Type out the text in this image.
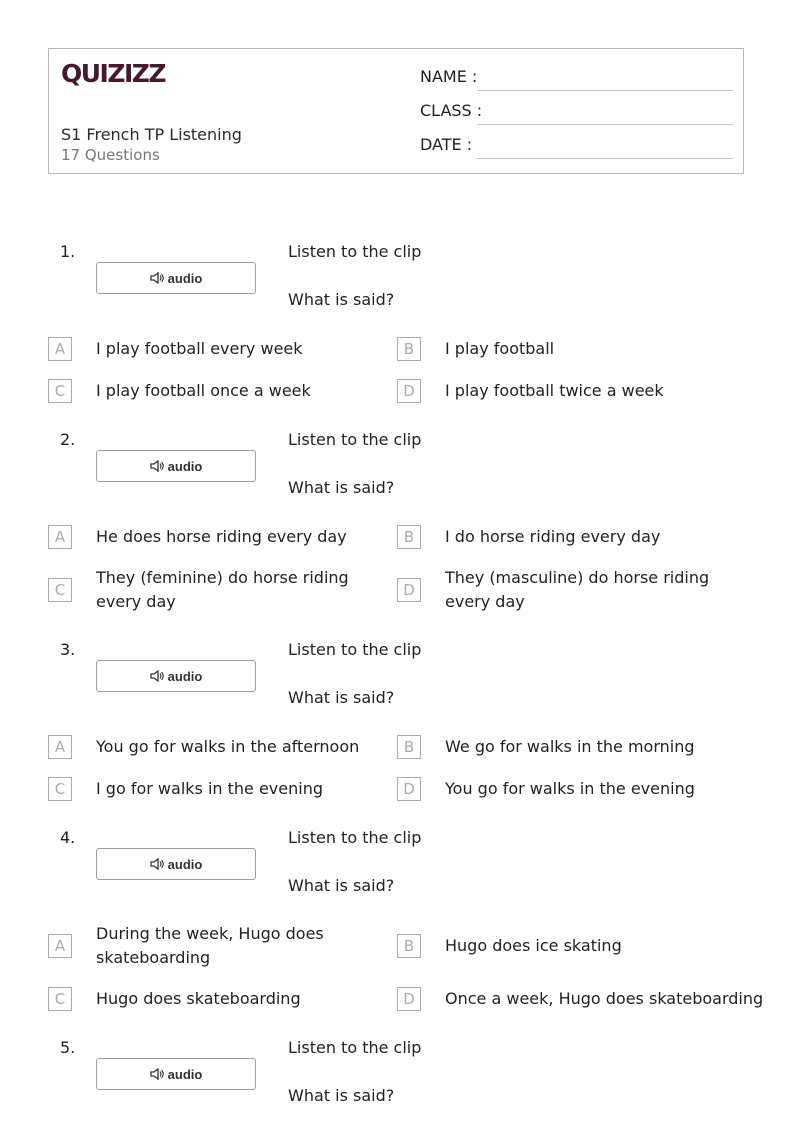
QUIZIZZ
S1 French TP Listening
17 Questions
NAME :
CLASS :
DATE :
1.
audio
Listen to the clip
What is said?
A	I play football every week	B	I play football
C	I play football once a week	D	I play football twice a week
2.
audio
Listen to the clip
What is said?
A	He does horse riding every day	B	I do horse riding every day
C
They (feminine) do horse riding every day
D
They (masculine) do horse riding every day
3.
audio
Listen to the clip
What is said?
A	You go for walks in the afternoon	B	We go for walks in the morning
C	I go for walks in the evening	D	You go for walks in the evening
4.
audio
Listen to the clip
What is said?
A
During the week, Hugo does skateboarding
B	Hugo does ice skating
C	Hugo does skateboarding	D	Once a week, Hugo does skateboarding
5.
audio
Listen to the clip
What is said?
